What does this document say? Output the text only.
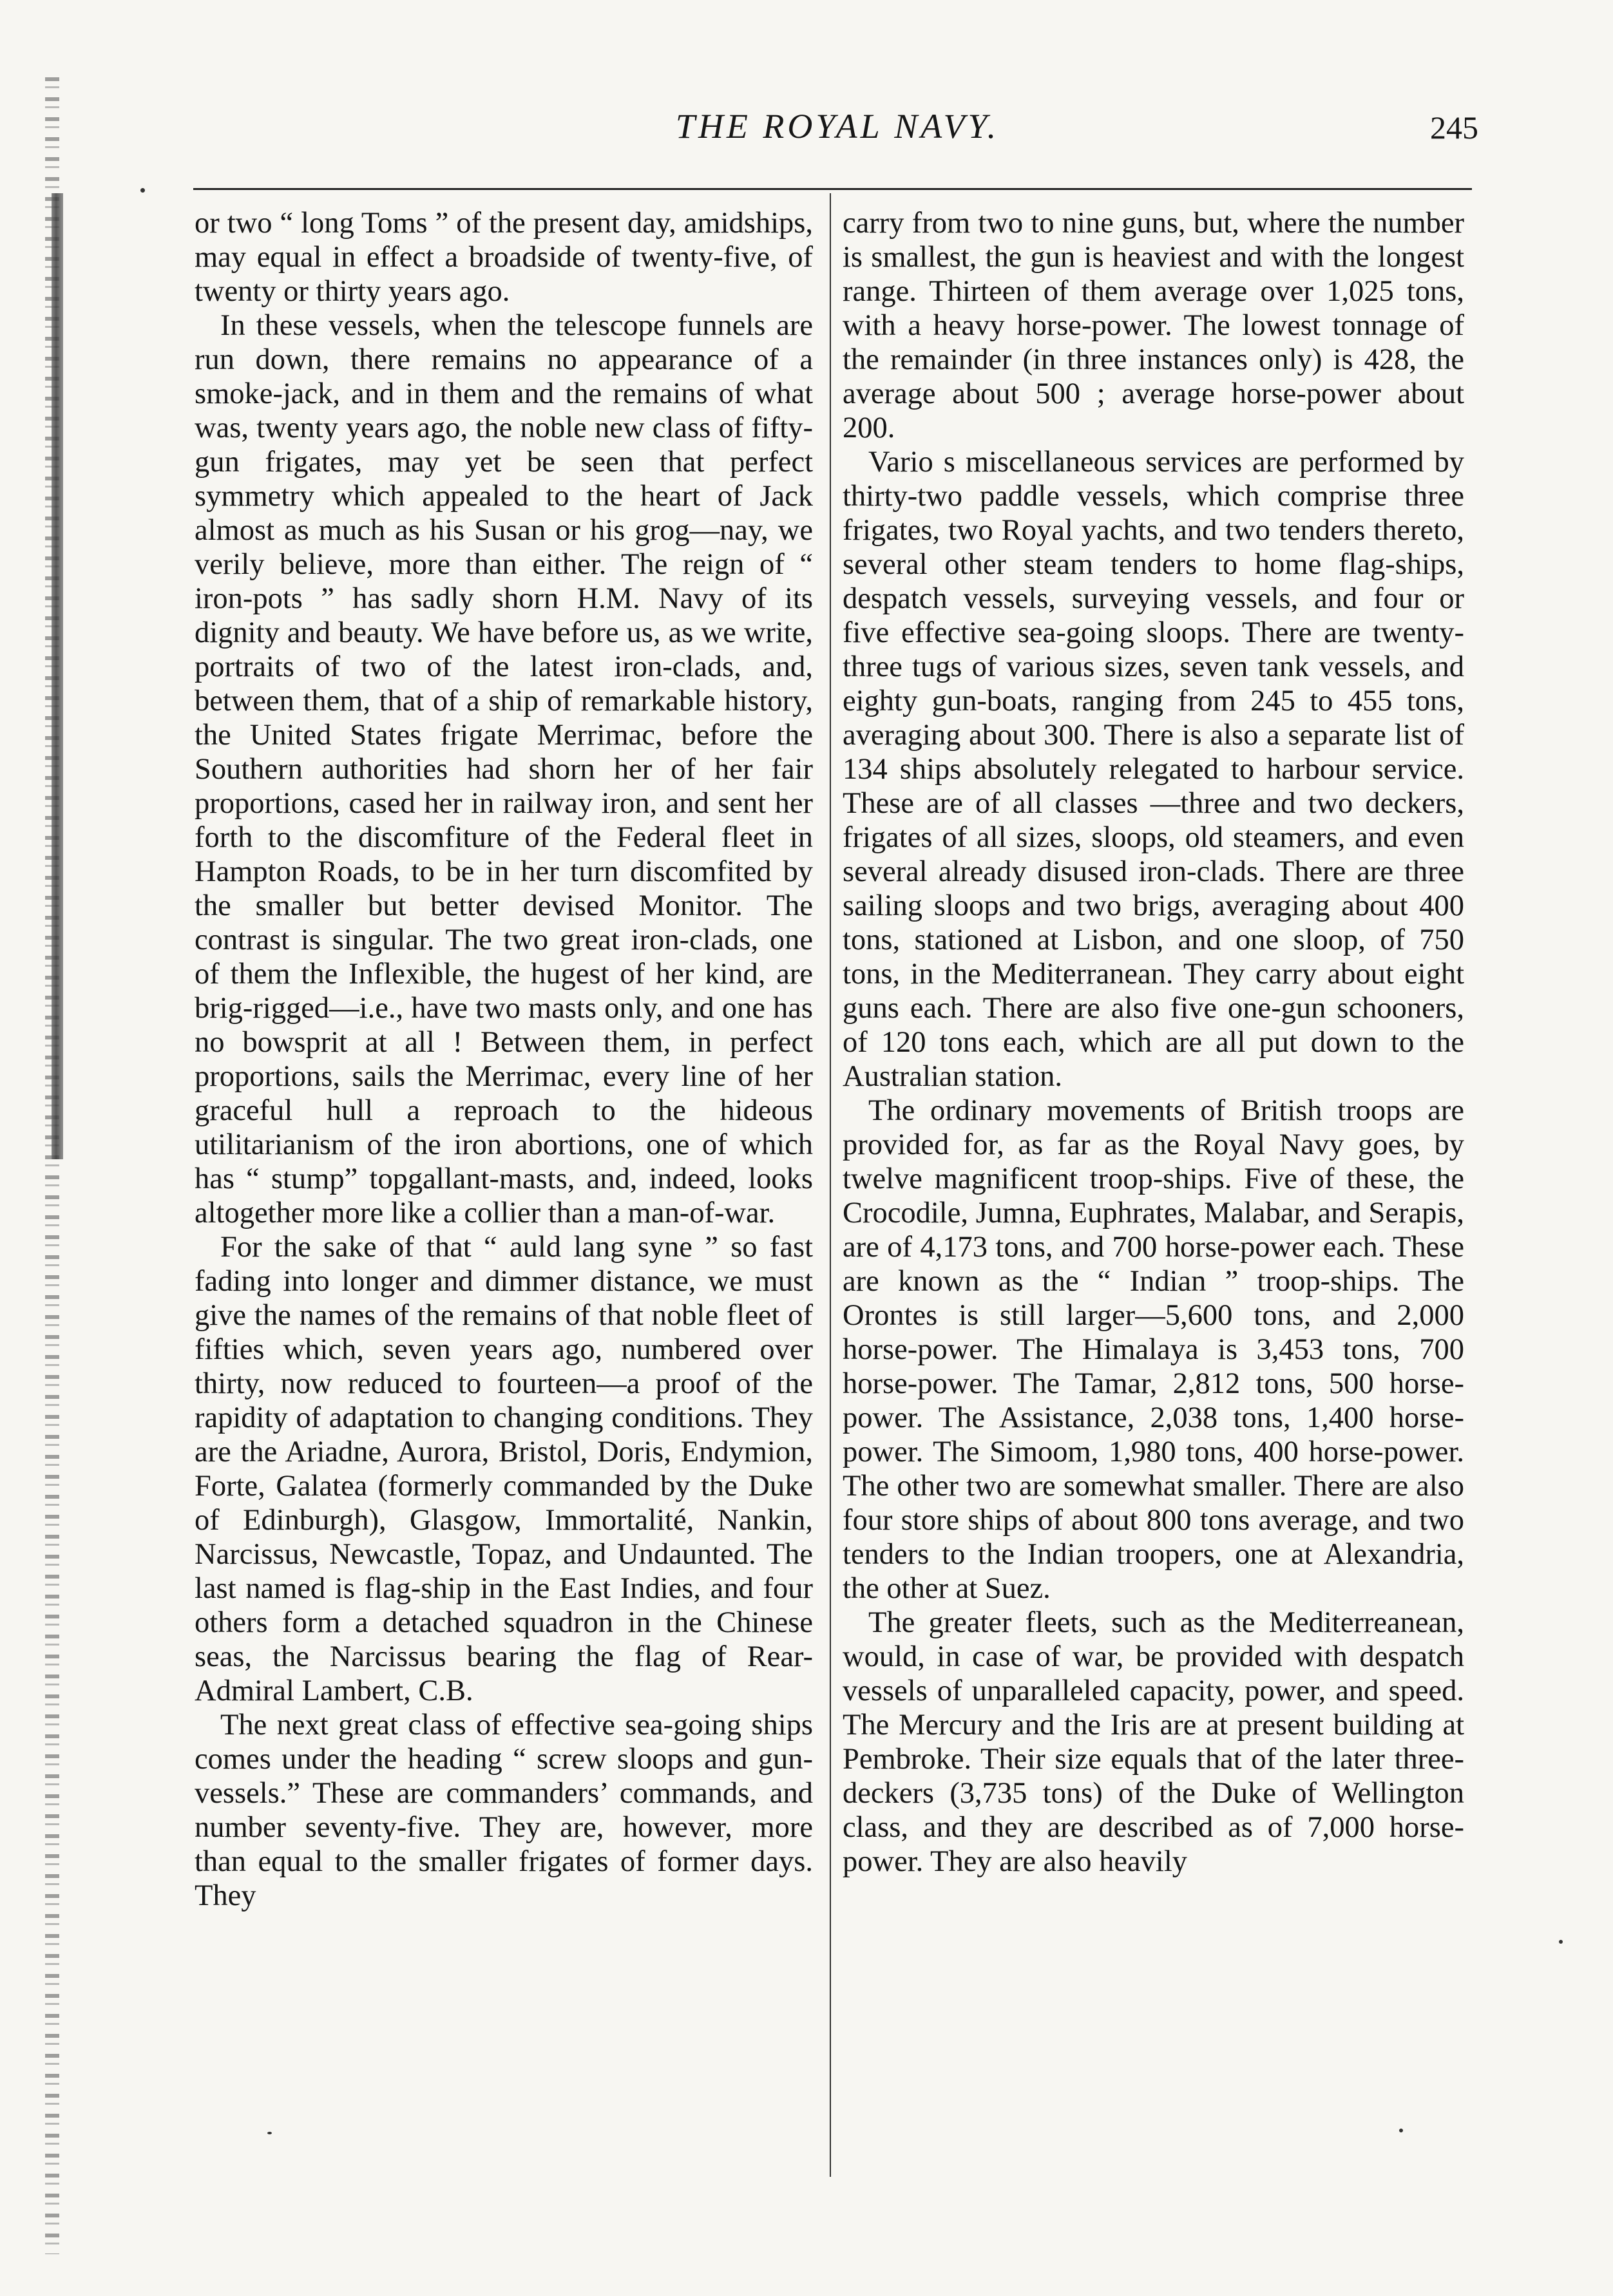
THE ROYAL NAVY.	245

or two “ long Toms ” of the present day, amidships, may equal in effect a broadside of twenty-five, of twenty or thirty years ago.

In these vessels, when the telescope funnels are run down, there remains no appearance of a smoke-jack, and in them and the remains of what was, twenty years ago, the noble new class of fifty-gun frigates, may yet be seen that perfect symmetry which appealed to the heart of Jack almost as much as his Susan or his grog—nay, we verily believe, more than either. The reign of “ iron-pots ” has sadly shorn H.M. Navy of its dignity and beauty. We have before us, as we write, portraits of two of the latest iron-clads, and, between them, that of a ship of remarkable history, the United States frigate Merrimac, before the Southern authorities had shorn her of her fair proportions, cased her in railway iron, and sent her forth to the discomfiture of the Federal fleet in Hampton Roads, to be in her turn discomfited by the smaller but better devised Monitor. The contrast is singular. The two great iron-clads, one of them the Inflexible, the hugest of her kind, are brig-rigged—i.e., have two masts only, and one has no bowsprit at all ! Between them, in perfect proportions, sails the Merrimac, every line of her graceful hull a reproach to the hideous utilitarianism of the iron abortions, one of which has “ stump” topgallant-masts, and, indeed, looks altogether more like a collier than a man-of-war.

For the sake of that “ auld lang syne ” so fast fading into longer and dimmer distance, we must give the names of the remains of that noble fleet of fifties which, seven years ago, numbered over thirty, now reduced to fourteen—a proof of the rapidity of adaptation to changing conditions. They are the Ariadne, Aurora, Bristol, Doris, Endymion, Forte, Galatea (formerly commanded by the Duke of Edinburgh), Glasgow, Immortalité, Nankin, Narcissus, Newcastle, Topaz, and Undaunted. The last named is flag-ship in the East Indies, and four others form a detached squadron in the Chinese seas, the Narcissus bearing the flag of Rear-Admiral Lambert, C.B.

The next great class of effective sea-going ships comes under the heading “ screw sloops and gun-vessels.” These are commanders’ commands, and number seventy-five. They are, however, more than equal to the smaller frigates of former days. They

carry from two to nine guns, but, where the number is smallest, the gun is heaviest and with the longest range. Thirteen of them average over 1,025 tons, with a heavy horse-power. The lowest tonnage of the remainder (in three instances only) is 428, the average about 500 ; average horse-power about 200.

Vario s miscellaneous services are performed by thirty-two paddle vessels, which comprise three frigates, two Royal yachts, and two tenders thereto, several other steam tenders to home flag-ships, despatch vessels, surveying vessels, and four or five effective sea-going sloops. There are twenty-three tugs of various sizes, seven tank vessels, and eighty gun-boats, ranging from 245 to 455 tons, averaging about 300. There is also a separate list of 134 ships absolutely relegated to harbour service. These are of all classes —three and two deckers, frigates of all sizes, sloops, old steamers, and even several already disused iron-clads. There are three sailing sloops and two brigs, averaging about 400 tons, stationed at Lisbon, and one sloop, of 750 tons, in the Mediterranean. They carry about eight guns each. There are also five one-gun schooners, of 120 tons each, which are all put down to the Australian station.

The ordinary movements of British troops are provided for, as far as the Royal Navy goes, by twelve magnificent troop-ships. Five of these, the Crocodile, Jumna, Euphrates, Malabar, and Serapis, are of 4,173 tons, and 700 horse-power each. These are known as the “ Indian ” troop-ships. The Orontes is still larger—5,600 tons, and 2,000 horse-power. The Himalaya is 3,453 tons, 700 horse-power. The Tamar, 2,812 tons, 500 horse-power. The Assistance, 2,038 tons, 1,400 horse-power. The Simoom, 1,980 tons, 400 horse-power. The other two are somewhat smaller. There are also four store ships of about 800 tons average, and two tenders to the Indian troopers, one at Alexandria, the other at Suez.

The greater fleets, such as the Mediterreanean, would, in case of war, be provided with despatch vessels of unparalleled capacity, power, and speed. The Mercury and the Iris are at present building at Pembroke. Their size equals that of the later three-deckers (3,735 tons) of the Duke of Wellington class, and they are described as of 7,000 horse-power. They are also heavily
